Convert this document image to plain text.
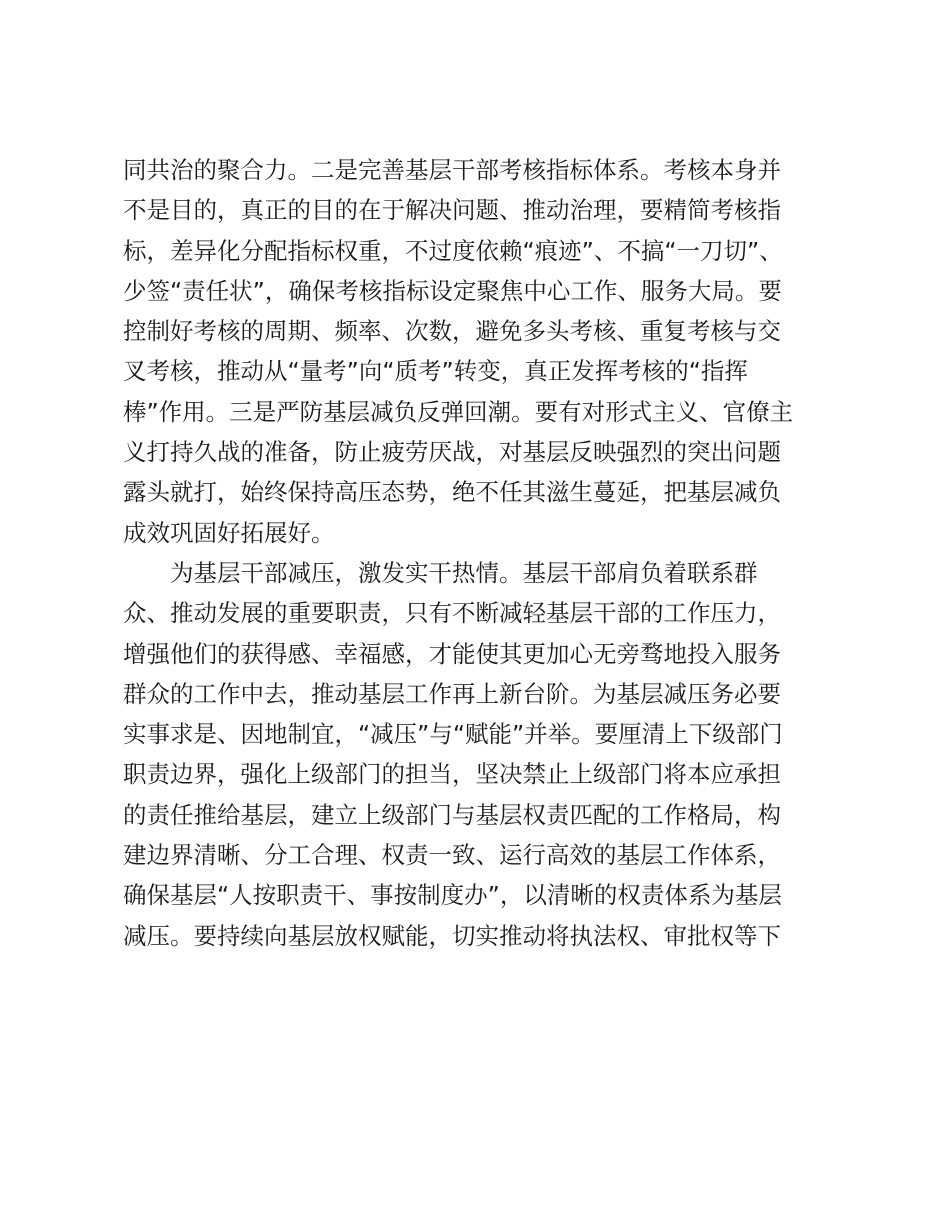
同共治的聚合力。二是完善基层干部考核指标体系。考核本身并
不是目的，真正的目的在于解决问题、推动治理，要精简考核指
标，差异化分配指标权重，不过度依赖“痕迹”、不搞“一刀切”、
少签“责任状”，确保考核指标设定聚焦中心工作、服务大局。要
控制好考核的周期、频率、次数，避免多头考核、重复考核与交
叉考核，推动从“量考”向“质考”转变，真正发挥考核的“指挥
棒”作用。三是严防基层减负反弹回潮。要有对形式主义、官僚主
义打持久战的准备，防止疲劳厌战，对基层反映强烈的突出问题
露头就打，始终保持高压态势，绝不任其滋生蔓延，把基层减负
成效巩固好拓展好。
为基层干部减压，激发实干热情。基层干部肩负着联系群
众、推动发展的重要职责，只有不断减轻基层干部的工作压力，
增强他们的获得感、幸福感，才能使其更加心无旁骛地投入服务
群众的工作中去，推动基层工作再上新台阶。为基层减压务必要
实事求是、因地制宜，“减压”与“赋能”并举。要厘清上下级部门
职责边界，强化上级部门的担当，坚决禁止上级部门将本应承担
的责任推给基层，建立上级部门与基层权责匹配的工作格局，构
建边界清晰、分工合理、权责一致、运行高效的基层工作体系，
确保基层“人按职责干、事按制度办”，以清晰的权责体系为基层
减压。要持续向基层放权赋能，切实推动将执法权、审批权等下
